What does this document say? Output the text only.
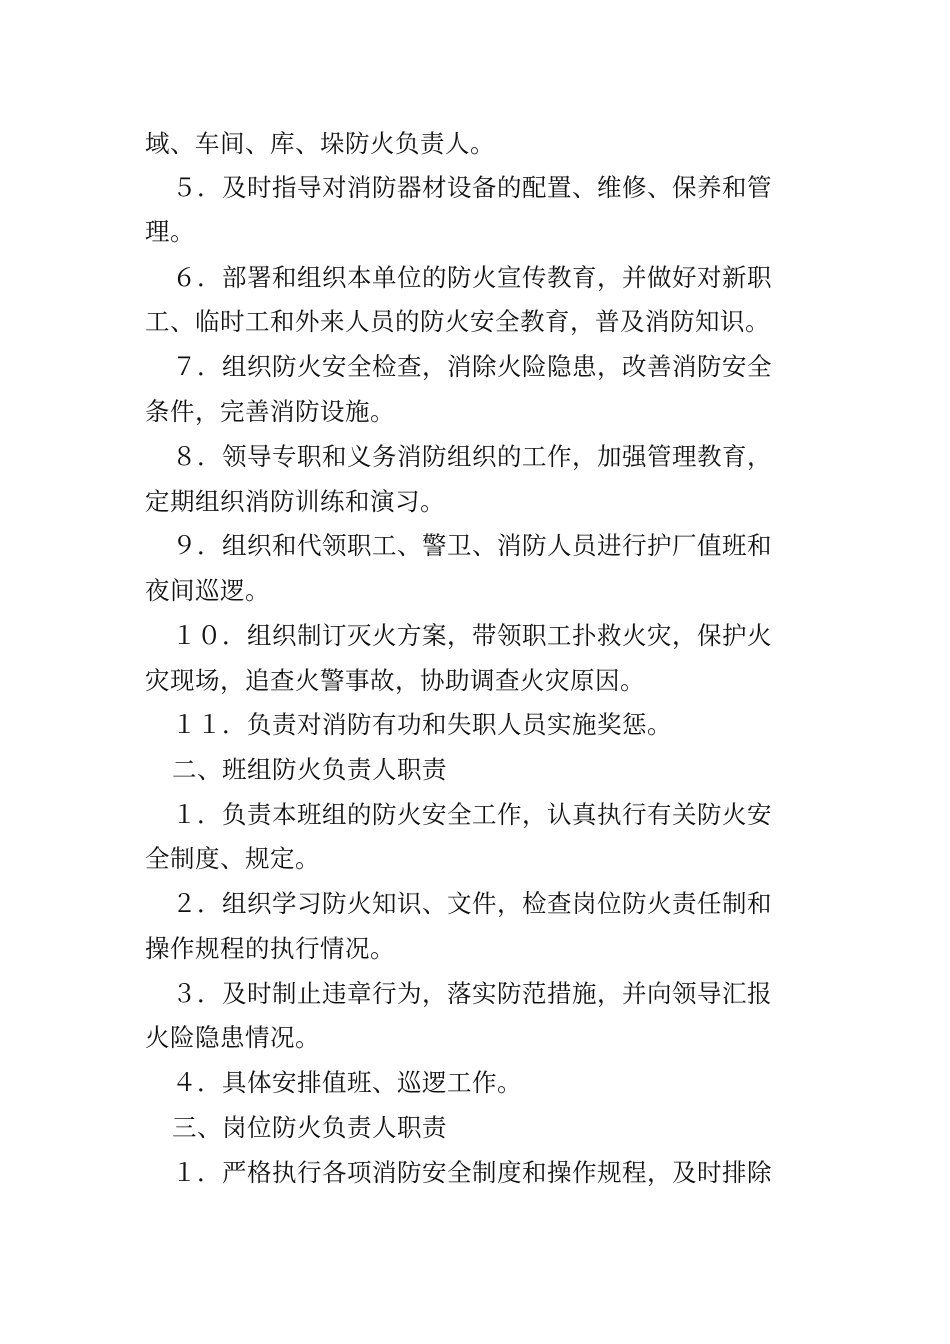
域、车间、库、垛防火负责人。
５．及时指导对消防器材设备的配置、维修、保养和管
理。
６．部署和组织本单位的防火宣传教育，并做好对新职
工、临时工和外来人员的防火安全教育，普及消防知识。
７．组织防火安全检查，消除火险隐患，改善消防安全
条件，完善消防设施。
８．领导专职和义务消防组织的工作，加强管理教育，
定期组织消防训练和演习。
９．组织和代领职工、警卫、消防人员进行护厂值班和
夜间巡逻。
１０．组织制订灭火方案，带领职工扑救火灾，保护火
灾现场，追查火警事故，协助调查火灾原因。
１１．负责对消防有功和失职人员实施奖惩。
二、班组防火负责人职责
１．负责本班组的防火安全工作，认真执行有关防火安
全制度、规定。
２．组织学习防火知识、文件，检查岗位防火责任制和
操作规程的执行情况。
３．及时制止违章行为，落实防范措施，并向领导汇报
火险隐患情况。
４．具体安排值班、巡逻工作。
三、岗位防火负责人职责
１．严格执行各项消防安全制度和操作规程，及时排除
